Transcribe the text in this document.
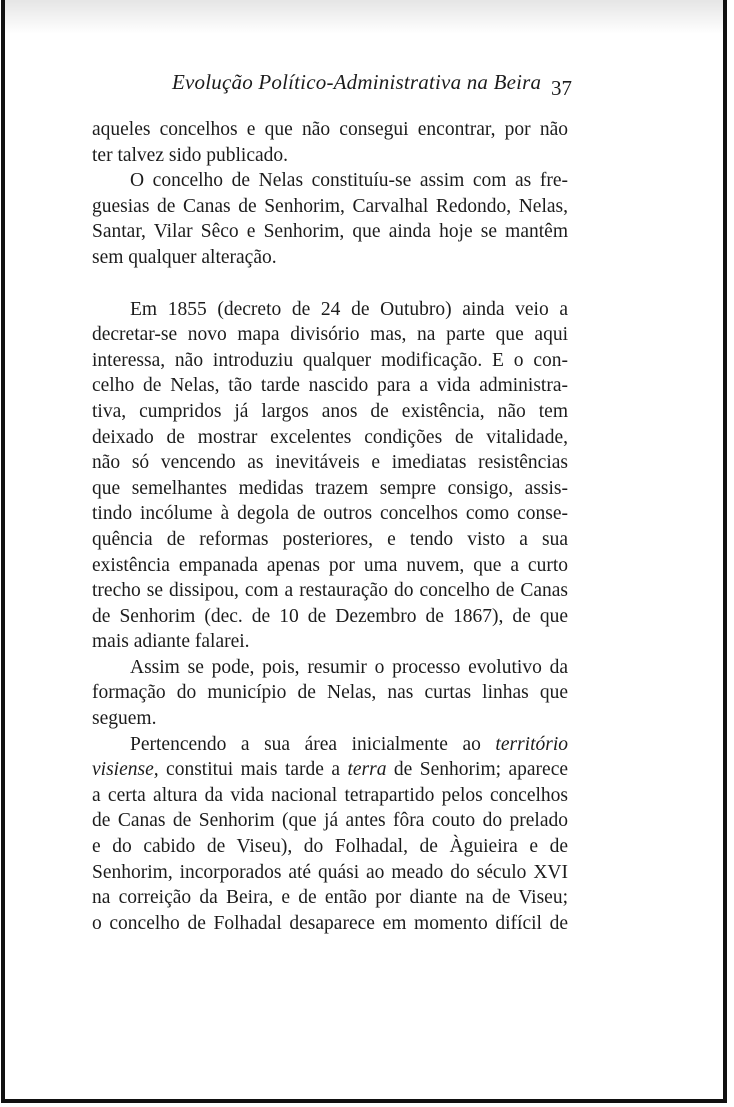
Evolução Político-Administrativa na Beira 37

aqueles concelhos e que não consegui encontrar, por não

ter talvez sido publicado.

O concelho de Nelas constituíu-se assim com as fre-

guesias de Canas de Senhorim, Carvalhal Redondo, Nelas,

Santar, Vilar Sêco e Senhorim, que ainda hoje se mantêm

sem qualquer alteração.

Em 1855 (decreto de 24 de Outubro) ainda veio a

decretar-se novo mapa divisório mas, na parte que aqui

interessa, não introduziu qualquer modificação. E o con-

celho de Nelas, tão tarde nascido para a vida administra-

tiva, cumpridos já largos anos de existência, não tem

deixado de mostrar excelentes condições de vitalidade,

não só vencendo as inevitáveis e imediatas resistências

que semelhantes medidas trazem sempre consigo, assis-

tindo incólume à degola de outros concelhos como conse-

quência de reformas posteriores, e tendo visto a sua

existência empanada apenas por uma nuvem, que a curto

trecho se dissipou, com a restauração do concelho de Canas

de Senhorim (dec. de 10 de Dezembro de 1867), de que

mais adiante falarei.

Assim se pode, pois, resumir o processo evolutivo da

formação do município de Nelas, nas curtas linhas que

seguem.

Pertencendo a sua área inicialmente ao território

visiense, constitui mais tarde a terra de Senhorim; aparece

a certa altura da vida nacional tetrapartido pelos concelhos

de Canas de Senhorim (que já antes fôra couto do prelado

e do cabido de Viseu), do Folhadal, de Àguieira e de

Senhorim, incorporados até quási ao meado do século XVI

na correição da Beira, e de então por diante na de Viseu;

o concelho de Folhadal desaparece em momento difícil de
